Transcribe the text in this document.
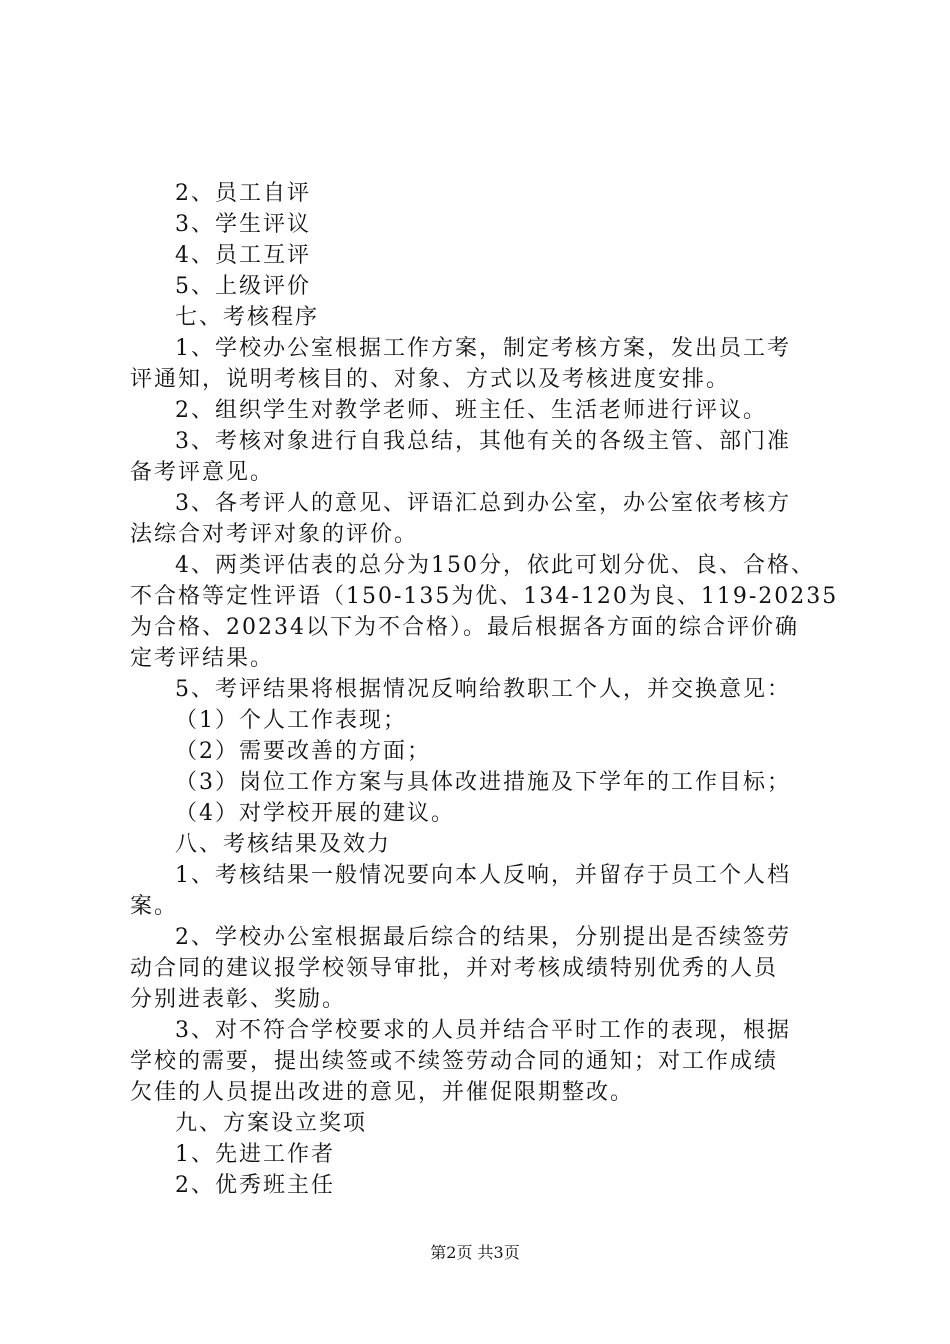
2、员工自评
3、学生评议
4、员工互评
5、上级评价
七、考核程序
1、学校办公室根据工作方案，制定考核方案，发出员工考
评通知，说明考核目的、对象、方式以及考核进度安排。
2、组织学生对教学老师、班主任、生活老师进行评议。
3、考核对象进行自我总结，其他有关的各级主管、部门准
备考评意见。
3、各考评人的意见、评语汇总到办公室，办公室依考核方
法综合对考评对象的评价。
4、两类评估表的总分为150分，依此可划分优、良、合格、
不合格等定性评语（150-135为优、134-120为良、119-20235
为合格、20234以下为不合格）。最后根据各方面的综合评价确
定考评结果。
5、考评结果将根据情况反响给教职工个人，并交换意见：
（1）个人工作表现；
（2）需要改善的方面；
（3）岗位工作方案与具体改进措施及下学年的工作目标；
（4）对学校开展的建议。
八、考核结果及效力
1、考核结果一般情况要向本人反响，并留存于员工个人档
案。
2、学校办公室根据最后综合的结果，分别提出是否续签劳
动合同的建议报学校领导审批，并对考核成绩特别优秀的人员
分别进表彰、奖励。
3、对不符合学校要求的人员并结合平时工作的表现，根据
学校的需要，提出续签或不续签劳动合同的通知；对工作成绩
欠佳的人员提出改进的意见，并催促限期整改。
九、方案设立奖项
1、先进工作者
2、优秀班主任
第2页 共3页
